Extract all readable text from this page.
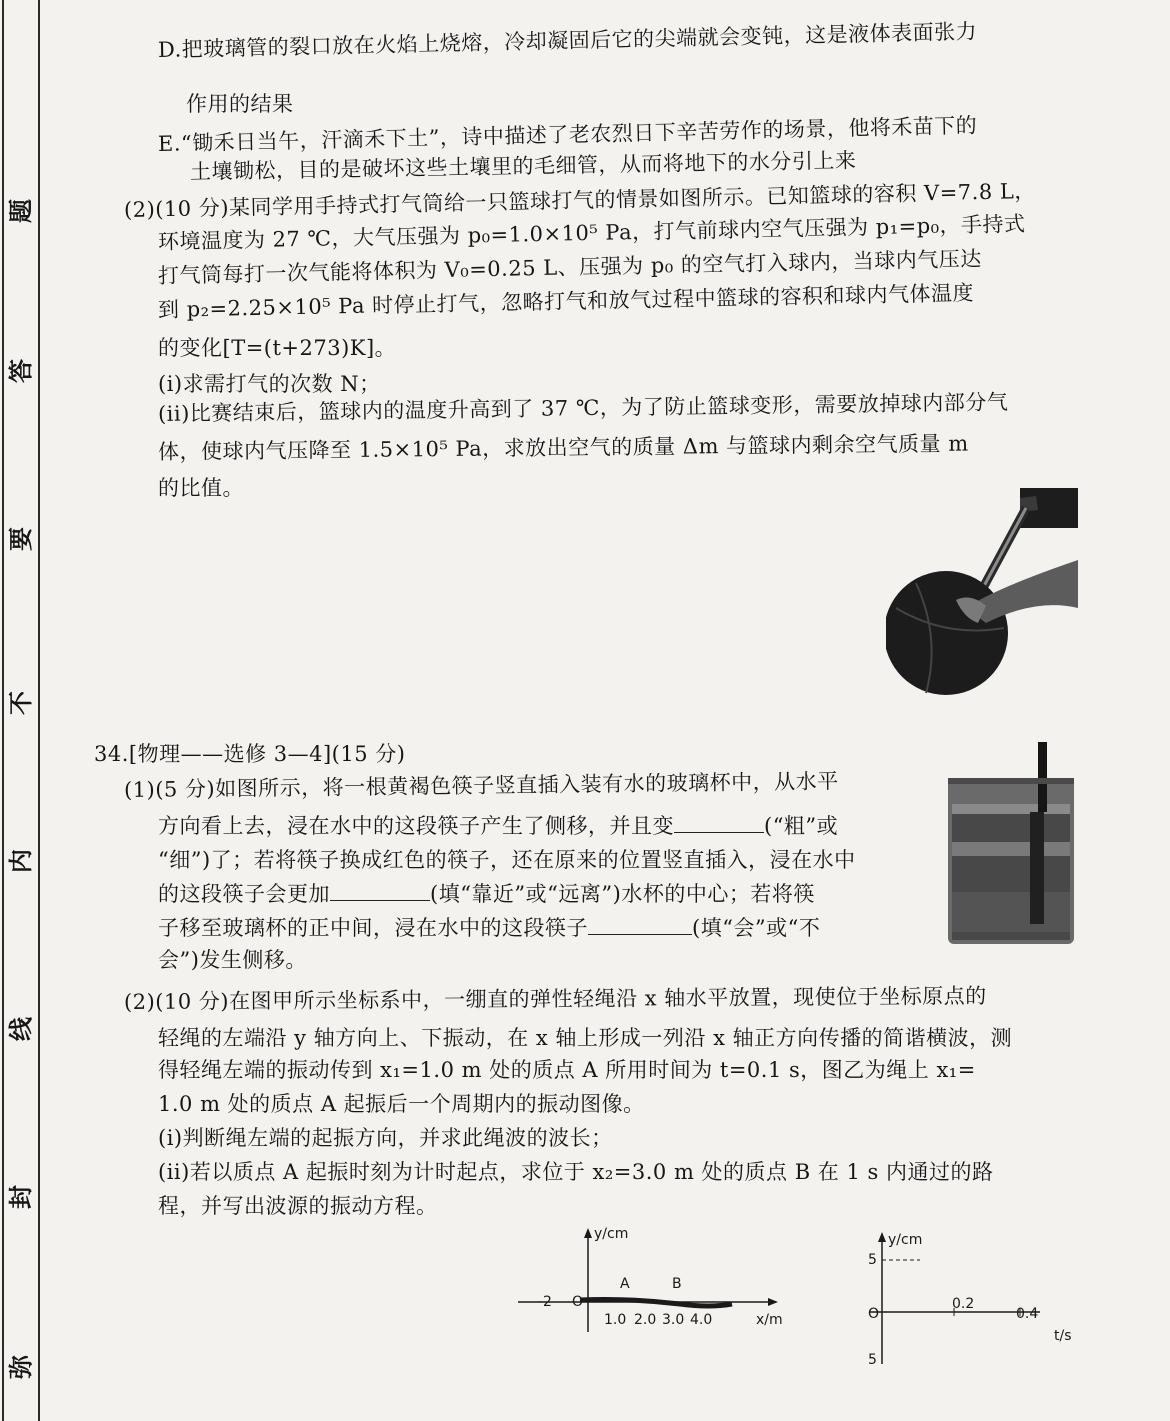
题
答
要
不
内
线
封
弥
D.把玻璃管的裂口放在火焰上烧熔，冷却凝固后它的尖端就会变钝，这是液体表面张力
作用的结果
E.“锄禾日当午，汗滴禾下土”，诗中描述了老农烈日下辛苦劳作的场景，他将禾苗下的
土壤锄松，目的是破坏这些土壤里的毛细管，从而将地下的水分引上来
(2)(10 分)某同学用手持式打气筒给一只篮球打气的情景如图所示。已知篮球的容积 V=7.8 L，
环境温度为 27 ℃，大气压强为 p₀=1.0×10⁵ Pa，打气前球内空气压强为 p₁=p₀，手持式
打气筒每打一次气能将体积为 V₀=0.25 L、压强为 p₀ 的空气打入球内，当球内气压达
到 p₂=2.25×10⁵ Pa 时停止打气，忽略打气和放气过程中篮球的容积和球内气体温度
的变化[T=(t+273)K]。
(i)求需打气的次数 N；
(ii)比赛结束后，篮球内的温度升高到了 37 ℃，为了防止篮球变形，需要放掉球内部分气
体，使球内气压降至 1.5×10⁵ Pa，求放出空气的质量 Δm 与篮球内剩余空气质量 m
的比值。
34.[物理——选修 3—4](15 分)
(1)(5 分)如图所示，将一根黄褐色筷子竖直插入装有水的玻璃杯中，从水平
方向看上去，浸在水中的这段筷子产生了侧移，并且变	(“粗”或
“细”)了；若将筷子换成红色的筷子，还在原来的位置竖直插入，浸在水中
的这段筷子会更加	(填“靠近”或“远离”)水杯的中心；若将筷
子移至玻璃杯的正中间，浸在水中的这段筷子	(填“会”或“不
会”)发生侧移。
(2)(10 分)在图甲所示坐标系中，一绷直的弹性轻绳沿 x 轴水平放置，现使位于坐标原点的
轻绳的左端沿 y 轴方向上、下振动，在 x 轴上形成一列沿 x 轴正方向传播的简谐横波，测
得轻绳左端的振动传到 x₁=1.0 m 处的质点 A 所用时间为 t=0.1 s，图乙为绳上 x₁=
1.0 m 处的质点 A 起振后一个周期内的振动图像。
(i)判断绳左端的起振方向，并求此绳波的波长；
(ii)若以质点 A 起振时刻为计时起点，求位于 x₂=3.0 m 处的质点 B 在 1 s 内通过的路
程，并写出波源的振动方程。
y/cm
x/m
O
-2
A	B
1.0 2.0 3.0 4.0
y/cm
t/s
O
5
5
0.2
0.4
